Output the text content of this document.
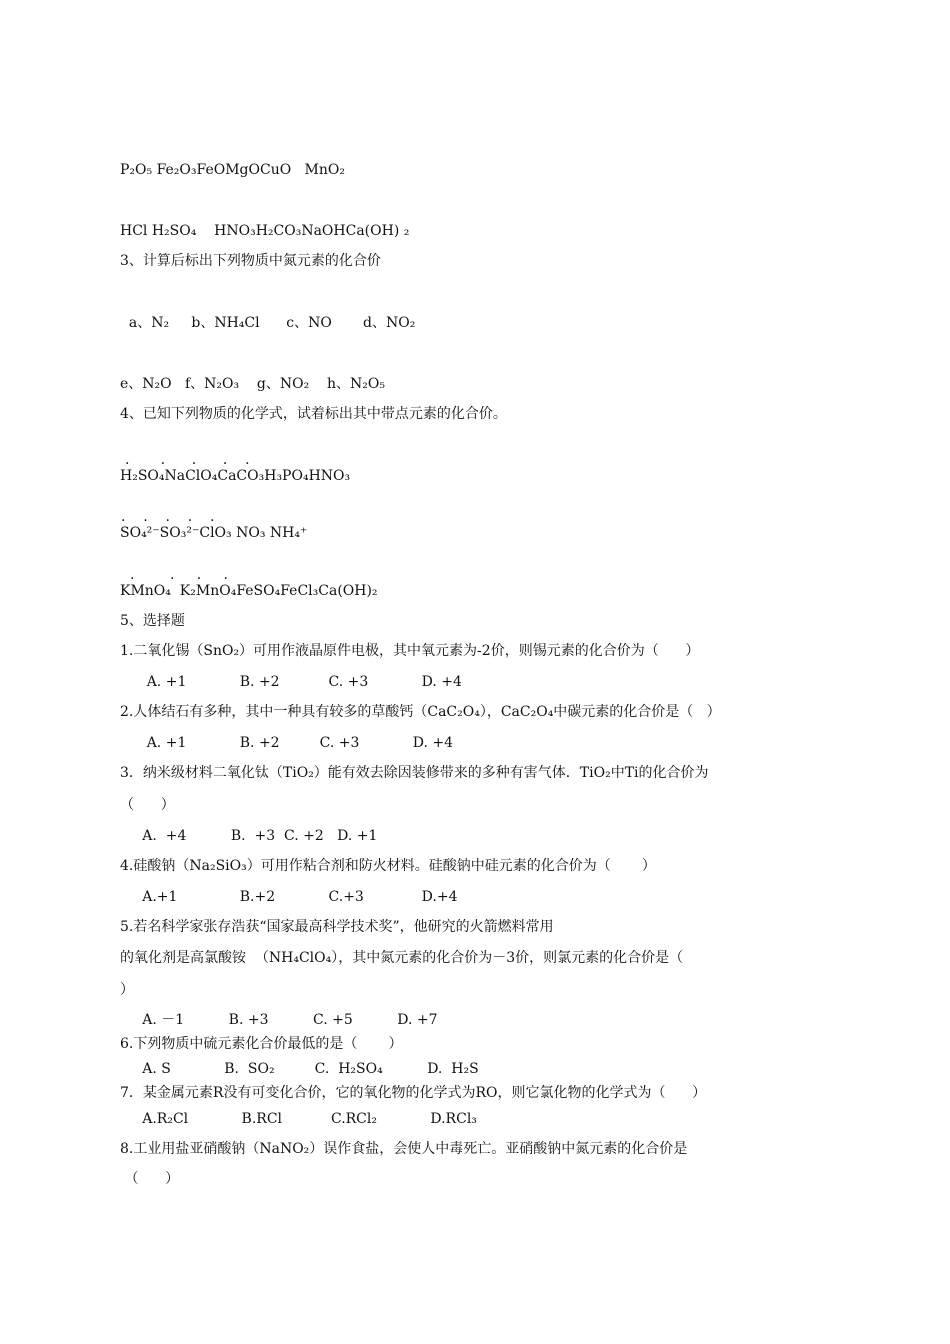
P₂O₅ Fe₂O₃FeOMgOCuO   MnO₂
HCl H₂SO₄    HNO₃H₂CO₃NaOHCa(OH) ₂
3、计算后标出下列物质中氮元素的化合价
a、N₂     b、NH₄Cl      c、NO       d、NO₂
e、N₂O   f、N₂O₃    g、NO₂    h、N₂O₅
4、已知下列物质的化学式，试着标出其中带点元素的化合价。
.       .      .      .    .
H₂SO₄NaClO₄CaCO₃H₃PO₄HNO₃
.    .    .    .    .
SO₄²⁻SO₃²⁻ClO₃ NO₃ NH₄⁺
.        .     .     .
KMnO₄  K₂MnO₄FeSO₄FeCl₃Ca(OH)₂
5、选择题
1.二氧化锡（SnO₂）可用作液晶原件电极，其中氧元素为-2价，则锡元素的化合价为（      ）
A. +1            B. +2           C. +3            D. +4
2.人体结石有多种，其中一种具有较多的草酸钙（CaC₂O₄），CaC₂O₄中碳元素的化合价是（   ）
A. +1            B. +2         C. +3            D. +4
3．纳米级材料二氧化钛（TiO₂）能有效去除因装修带来的多种有害气体．TiO₂中Ti的化合价为
（      ）
A.  +4          B.  +3  C. +2   D. +1
4.硅酸钠（Na₂SiO₃）可用作粘合剂和防火材料。硅酸钠中硅元素的化合价为（       ）
A.+1              B.+2            C.+3             D.+4
5.若名科学家张存浩获“国家最高科学技术奖”，他研究的火箭燃料常用
的氧化剂是高氯酸铵  （NH₄ClO₄），其中氮元素的化合价为－3价，则氯元素的化合价是（
）
A. －1          B. +3          C. +5          D. +7
6.下列物质中硫元素化合价最低的是（       ）
A. S            B.  SO₂         C.  H₂SO₄          D.  H₂S
7．某金属元素R没有可变化合价，它的氧化物的化学式为RO，则它氯化物的化学式为（      ）
A.R₂Cl            B.RCl           C.RCl₂            D.RCl₃
8.工业用盐亚硝酸钠（NaNO₂）误作食盐，会使人中毒死亡。亚硝酸钠中氮元素的化合价是
（      ）
